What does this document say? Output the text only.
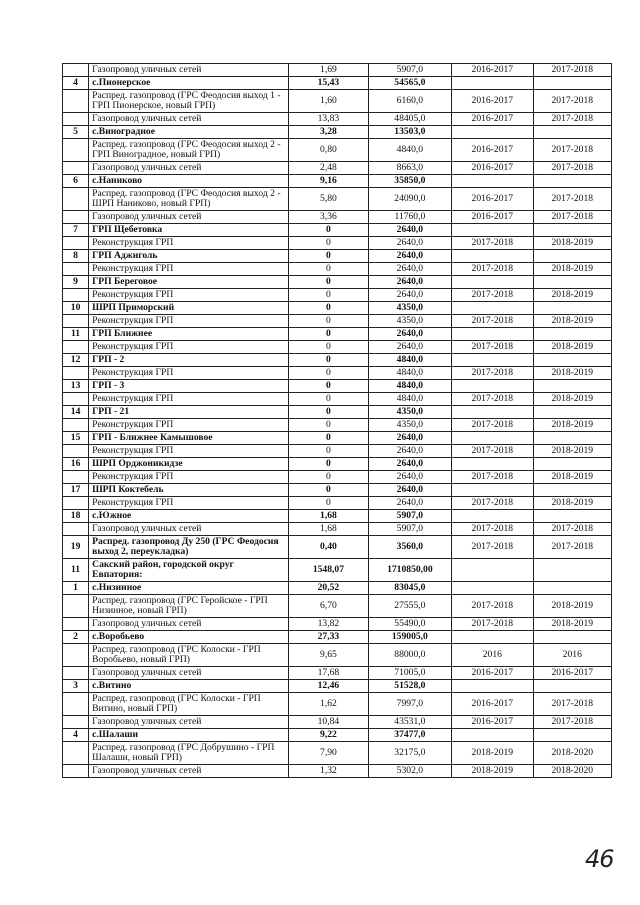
	Газопровод уличных сетей	1,69	5907,0	2016-2017	2017-2018
4	с.Пионерское	15,43	54565,0		
	Распред. газопровод (ГРС Феодосия выход 1 - ГРП Пионерское, новый ГРП)	1,60	6160,0	2016-2017	2017-2018
	Газопровод уличных сетей	13,83	48405,0	2016-2017	2017-2018
5	с.Виноградное	3,28	13503,0		
	Распред. газопровод (ГРС Феодосия выход 2 - ГРП Виноградное, новый ГРП)	0,80	4840,0	2016-2017	2017-2018
	Газопровод уличных сетей	2,48	8663,0	2016-2017	2017-2018
6	с.Наниково	9,16	35850,0		
	Распред. газопровод (ГРС Феодосия выход 2 - ШРП Наниково, новый ГРП)	5,80	24090,0	2016-2017	2017-2018
	Газопровод уличных сетей	3,36	11760,0	2016-2017	2017-2018
7	ГРП Щебетовка	0	2640,0		
	Реконструкция ГРП	0	2640,0	2017-2018	2018-2019
8	ГРП Аджиголь	0	2640,0		
	Реконструкция ГРП	0	2640,0	2017-2018	2018-2019
9	ГРП Береговое	0	2640,0		
	Реконструкция ГРП	0	2640,0	2017-2018	2018-2019
10	ШРП Приморский	0	4350,0		
	Реконструкция ГРП	0	4350,0	2017-2018	2018-2019
11	ГРП Ближнее	0	2640,0		
	Реконструкция ГРП	0	2640,0	2017-2018	2018-2019
12	ГРП - 2	0	4840,0		
	Реконструкция ГРП	0	4840,0	2017-2018	2018-2019
13	ГРП - 3	0	4840,0		
	Реконструкция ГРП	0	4840,0	2017-2018	2018-2019
14	ГРП - 21	0	4350,0		
	Реконструкция ГРП	0	4350,0	2017-2018	2018-2019
15	ГРП - Ближнее Камышовое	0	2640,0		
	Реконструкция ГРП	0	2640,0	2017-2018	2018-2019
16	ШРП Орджоникидзе	0	2640,0		
	Реконструкция ГРП	0	2640,0	2017-2018	2018-2019
17	ШРП Коктебель	0	2640,0		
	Реконструкция ГРП	0	2640,0	2017-2018	2018-2019
18	с.Южное	1,68	5907,0		
	Газопровод уличных сетей	1,68	5907,0	2017-2018	2017-2018
19	Распред. газопровод Ду 250 (ГРС Феодосия выход 2, переукладка)	0,40	3560,0	2017-2018	2017-2018
11	Сакский район, городской округ Евпатория:	1548,07	1710850,00		
1	с.Низинное	20,52	83045,0		
	Распред. газопровод (ГРС Геройское - ГРП Низинное, новый ГРП)	6,70	27555,0	2017-2018	2018-2019
	Газопровод уличных сетей	13,82	55490,0	2017-2018	2018-2019
2	с.Воробьево	27,33	159005,0		
	Распред. газопровод (ГРС Колоски - ГРП Воробьево, новый ГРП)	9,65	88000,0	2016	2016
	Газопровод уличных сетей	17,68	71005,0	2016-2017	2016-2017
3	с.Витино	12,46	51528,0		
	Распред. газопровод (ГРС Колоски - ГРП Витино, новый ГРП)	1,62	7997,0	2016-2017	2017-2018
	Газопровод уличных сетей	10,84	43531,0	2016-2017	2017-2018
4	с.Шалаши	9,22	37477,0		
	Распред. газопровод (ГРС Добрушино - ГРП Шалаши, новый ГРП)	7,90	32175,0	2018-2019	2018-2020
	Газопровод уличных сетей	1,32	5302,0	2018-2019	2018-2020
46
